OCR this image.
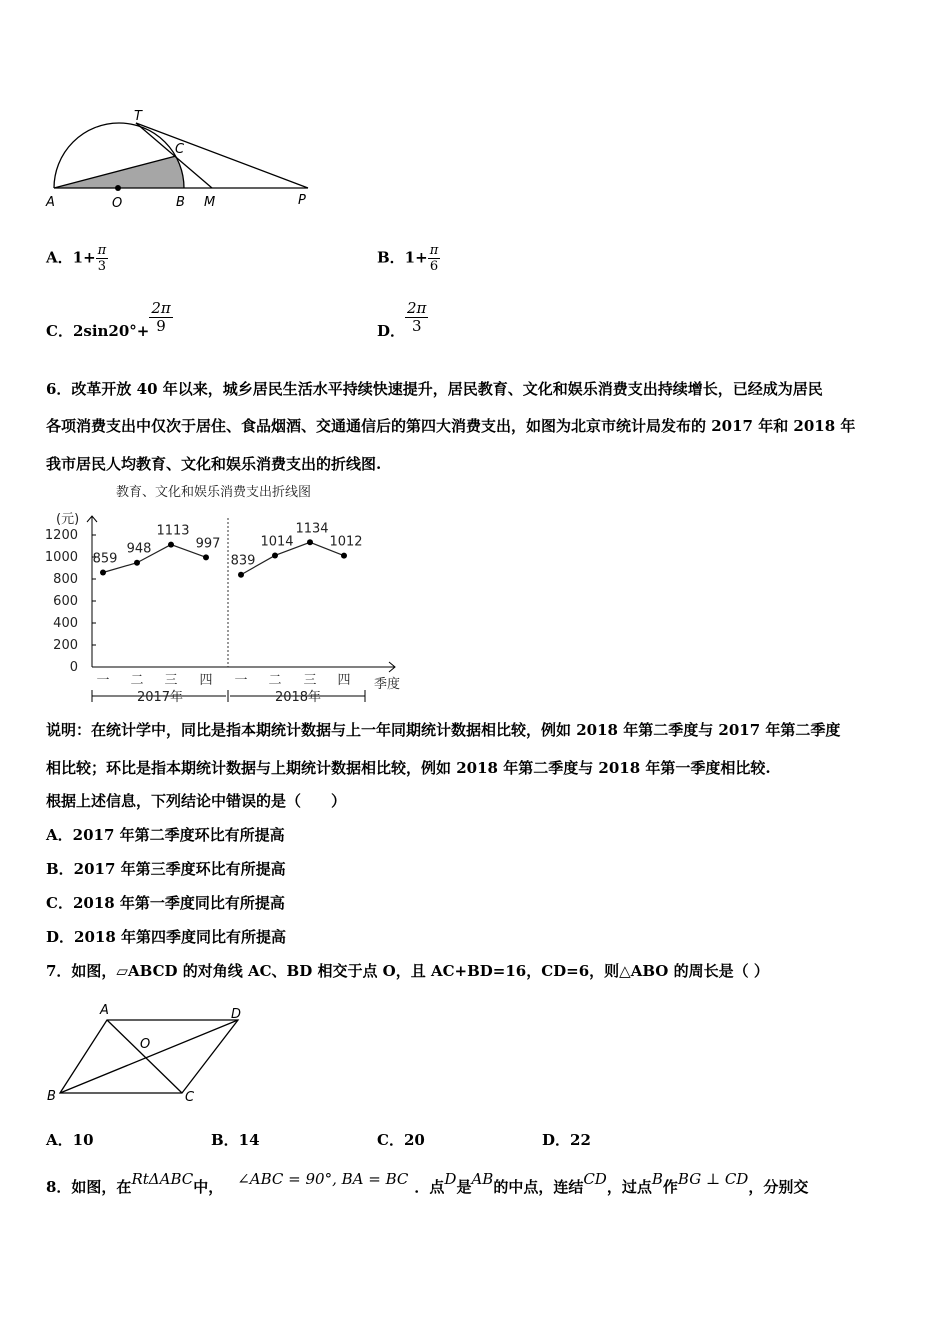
T
C
A	O	B M	P
A．$1+ \frac{\pi}{3}$	B．$1+ \frac{\pi}{6}$
C．$2\sin 20^\circ+ \frac{2\pi}{9}$	D． $\frac{2\pi}{3}$
6．改革开放 40 年以来，城乡居民生活水平持续快速提升，居民教育、文化和娱乐消费支出持续增长，已经成为居民
各项消费支出中仅次于居住、食品烟酒、交通通信后的第四大消费支出，如图为北京市统计局发布的 2017 年和 2018 年
我市居民人均教育、文化和娱乐消费支出的折线图.
教育、文化和娱乐消费支出折线图
(元)
季度
1200
1000
800
600
400
200
0
一 二 三 四 一 二 三 四
2017年	2018年
859
948
1113
997
839
1014
1134
1012
说明：在统计学中，同比是指本期统计数据与上一年同期统计数据相比较，例如 2018 年第二季度与 2017 年第二季度
相比较；环比是指本期统计数据与上期统计数据相比较，例如 2018 年第二季度与 2018 年第一季度相比较.
根据上述信息，下列结论中错误的是（　　）
A．2017 年第二季度环比有所提高
B．2017 年第三季度环比有所提高
C．2018 年第一季度同比有所提高
D．2018 年第四季度同比有所提高
7．如图，▱ABCD 的对角线 AC、BD 相交于点 O，且 AC+BD=16，CD=6，则△ABO 的周长是（ ）
A	D
O
B	C
A．10	B．14	C．20	D．22
8．如图，在RtΔABC中， ∠ABC = 90°, BA = BC ．点D是AB的中点，连结CD，过点B作BG ⊥ CD，分别交
